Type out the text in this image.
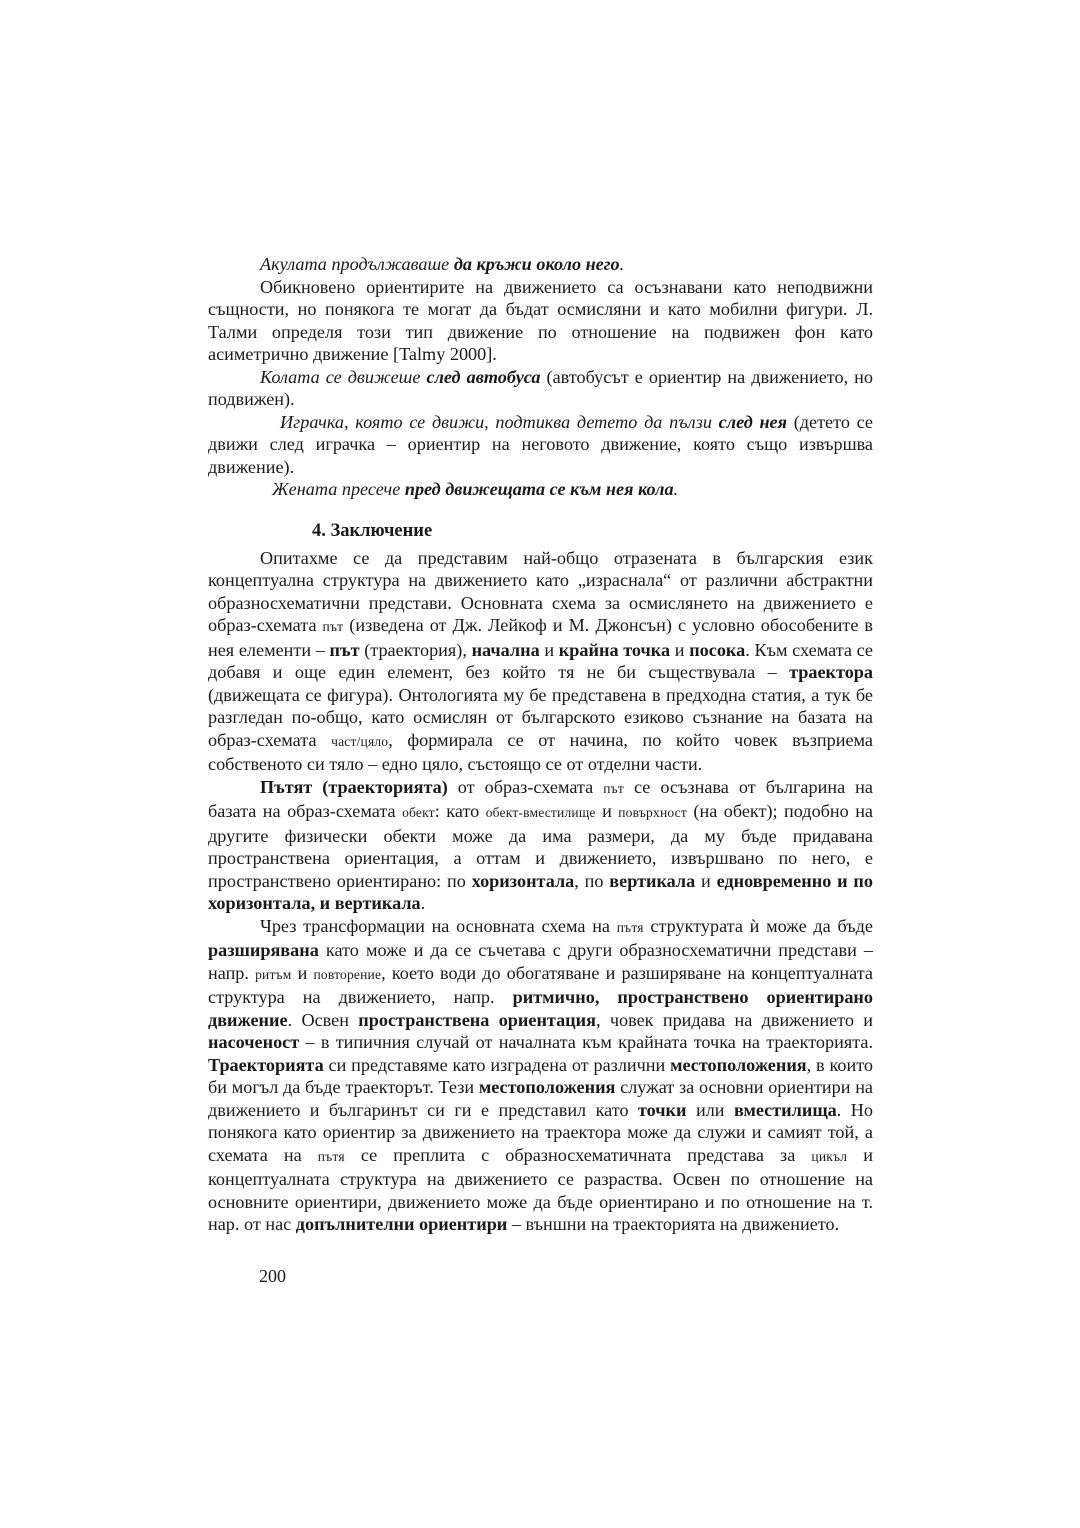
Акулата продължаваше да кръжи около него.

Обикновено ориентирите на движението са осъзнавани като неподвижни същности, но понякога те могат да бъдат осмисляни и като мобилни фигури. Л. Талми определя този тип движение по отношение на подвижен фон като асиметрично движение [Talmy 2000].

Колата се движеше след автобуса (автобусът е ориентир на движението, но подвижен).

Играчка, която се движи, подтиква детето да пълзи след нея (детето се движи след играчка – ориентир на неговото движение, която също извършва движение).

Жената пресече пред движещата се към нея кола.

4. Заключение

Опитахме се да представим най-общо отразената в българския език концептуална структура на движението като „израснала“ от различни абстрактни образносхематични представи. Основната схема за осмислянето на движението е образ-схемата път (изведена от Дж. Лейкоф и М. Джонсън) с условно обособените в нея елементи – път (траектория), начална и крайна точка и посока. Към схемата се добавя и още един елемент, без който тя не би съществувала – траектора (движещата се фигура). Онтологията му бе представена в предходна статия, а тук бе разгледан по-общо, като осмислян от българското езиково съзнание на базата на образ-схемата част/цяло, формирала се от начина, по който човек възприема собственото си тяло – едно цяло, състоящо се от отделни части.

Пътят (траекторията) от образ-схемата път се осъзнава от българина на базата на образ-схемата обект: като обект-вместилище и повърхност (на обект); подобно на другите физически обекти може да има размери, да му бъде придавана пространствена ориентация, а оттам и движението, извършвано по него, е пространствено ориентирано: по хоризонтала, по вертикала и едновременно и по хоризонтала, и вертикала.

Чрез трансформации на основната схема на пътя структурата ѝ може да бъде разширявана като може и да се съчетава с други образносхематични представи – напр. ритъм и повторение, което води до обогатяване и разширяване на концептуалната структура на движението, напр. ритмично, пространствено ориентирано движение. Освен пространствена ориентация, човек придава на движението и насоченост – в типичния случай от началната към крайната точка на траекторията. Траекторията си представяме като изградена от различни местоположения, в които би могъл да бъде траекторът. Тези местоположения служат за основни ориентири на движението и българинът си ги е представил като точки или вместилища. Но понякога като ориентир за движението на траектора може да служи и самият той, а схемата на пътя се преплита с образносхематичната представа за цикъл и концептуалната структура на движението се разраства. Освен по отношение на основните ориентири, движението може да бъде ориентирано и по отношение на т. нар. от нас допълнителни ориентири – външни на траекторията на движението.

200
